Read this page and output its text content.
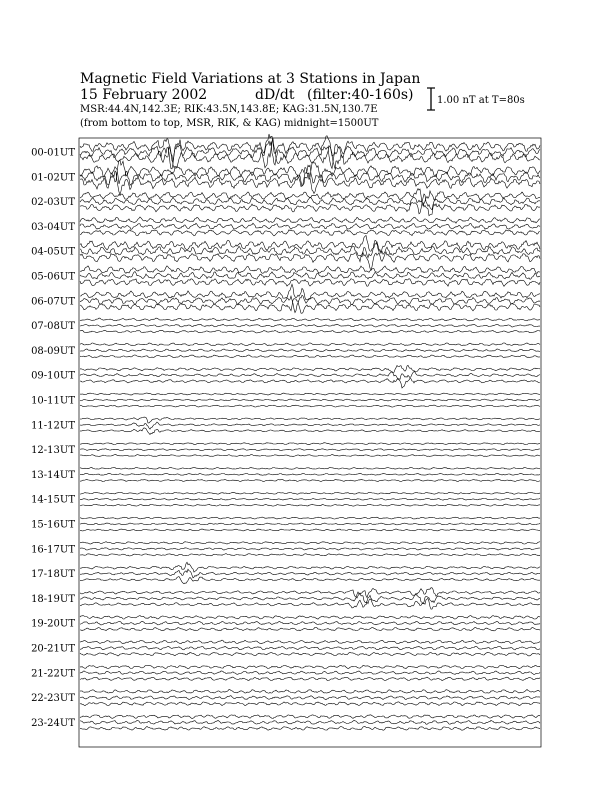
Magnetic Field Variations at 3 Stations in Japan
15 February 2002	dD/dt (filter:40-160s)
MSR:44.4N,142.3E; RIK:43.5N,143.8E; KAG:31.5N,130.7E
(from bottom to top, MSR, RIK, & KAG) midnight=1500UT
1.00 nT at T=80s
00-01UT
01-02UT
02-03UT
03-04UT
04-05UT
05-06UT
06-07UT
07-08UT
08-09UT
09-10UT
10-11UT
11-12UT
12-13UT
13-14UT
14-15UT
15-16UT
16-17UT
17-18UT
18-19UT
19-20UT
20-21UT
21-22UT
22-23UT
23-24UT
